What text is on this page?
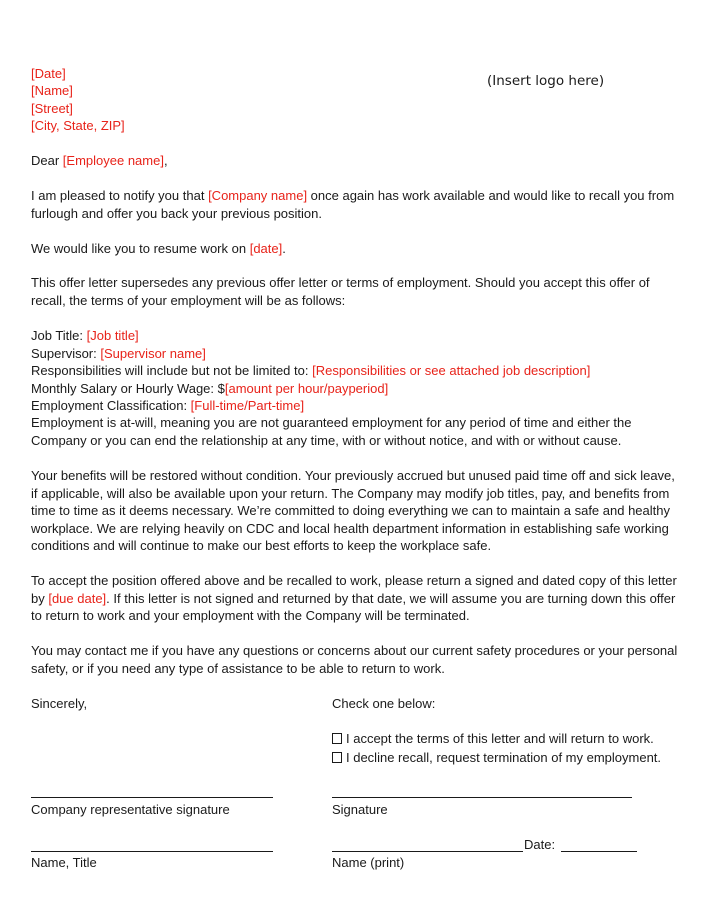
[Date]
[Name]
[Street]
[City, State, ZIP]
(Insert logo here)
Dear [Employee name],
I am pleased to notify you that [Company name] once again has work available and would like to recall you from furlough and offer you back your previous position.
We would like you to resume work on [date].
This offer letter supersedes any previous offer letter or terms of employment. Should you accept this offer of recall, the terms of your employment will be as follows:
Job Title: [Job title]
Supervisor: [Supervisor name]
Responsibilities will include but not be limited to: [Responsibilities or see attached job description]
Monthly Salary or Hourly Wage: $[amount per hour/payperiod]
Employment Classification: [Full-time/Part-time]
Employment is at-will, meaning you are not guaranteed employment for any period of time and either the Company or you can end the relationship at any time, with or without notice, and with or without cause.
Your benefits will be restored without condition. Your previously accrued but unused paid time off and sick leave, if applicable, will also be available upon your return. The Company may modify job titles, pay, and benefits from time to time as it deems necessary. We’re committed to doing everything we can to maintain a safe and healthy workplace. We are relying heavily on CDC and local health department information in establishing safe working conditions and will continue to make our best efforts to keep the workplace safe.
To accept the position offered above and be recalled to work, please return a signed and dated copy of this letter by [due date]. If this letter is not signed and returned by that date, we will assume you are turning down this offer to return to work and your employment with the Company will be terminated.
You may contact me if you have any questions or concerns about our current safety procedures or your personal safety, or if you need any type of assistance to be able to return to work.
Sincerely,	Check one below:
I accept the terms of this letter and will return to work.
I decline recall, request termination of my employment.
Company representative signature	Signature
Date:
Name, Title	Name (print)
